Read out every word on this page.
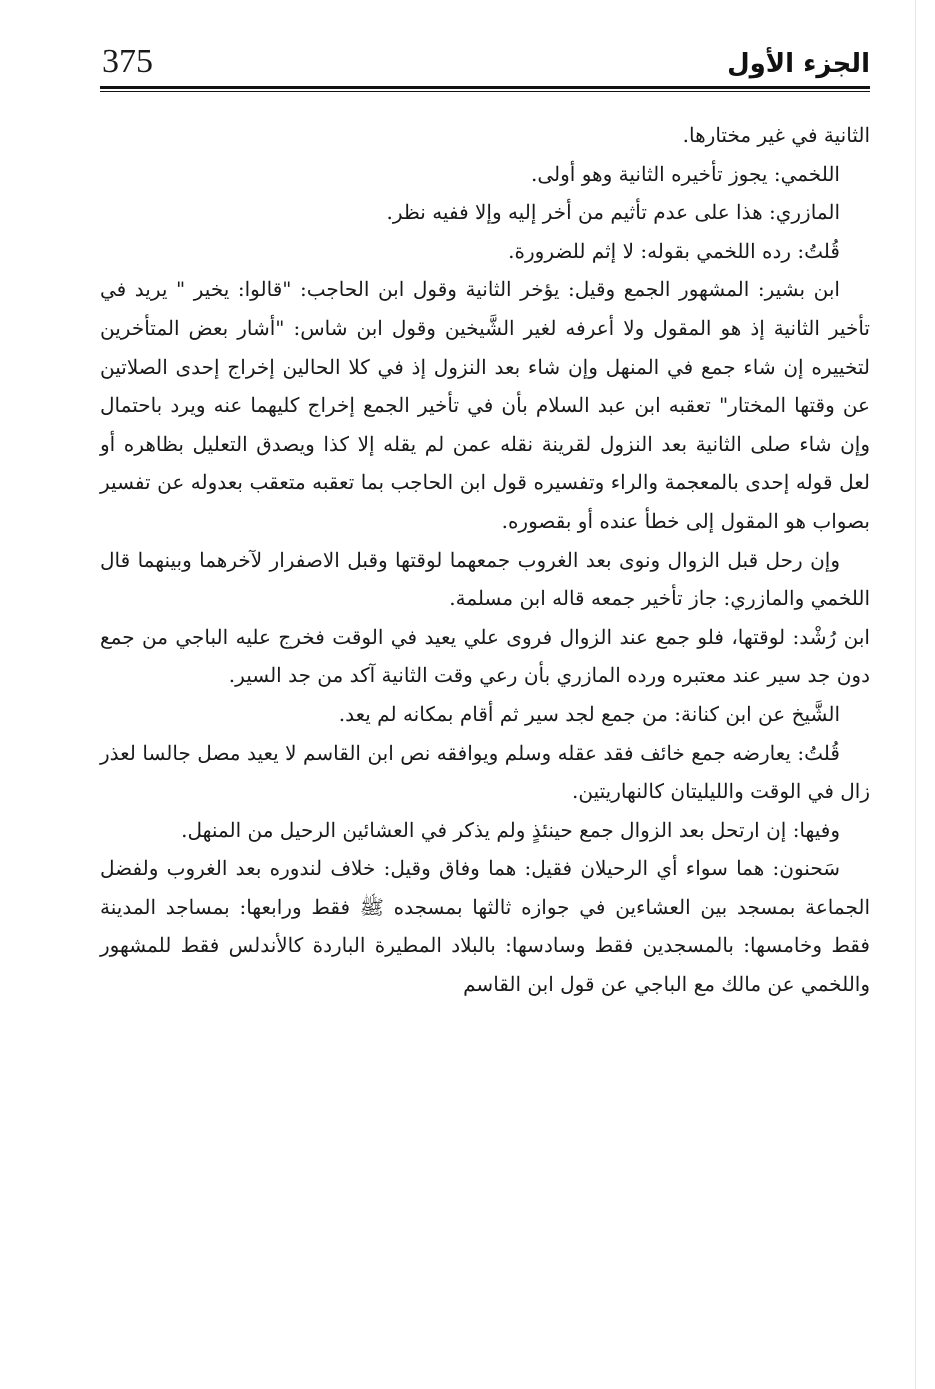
375	الجزء الأول

الثانية في غير مختارها.

اللخمي: يجوز تأخيره الثانية وهو أولى.

المازري: هذا على عدم تأثيم من أخر إليه وإلا ففيه نظر.

قُلتُ: رده اللخمي بقوله: لا إثم للضرورة.

ابن بشير: المشهور الجمع وقيل: يؤخر الثانية وقول ابن الحاجب: "قالوا: يخير " يريد في تأخير الثانية إذ هو المقول ولا أعرفه لغير الشَّيخين وقول ابن شاس: "أشار بعض المتأخرين لتخييره إن شاء جمع في المنهل وإن شاء بعد النزول إذ في كلا الحالين إخراج إحدى الصلاتين عن وقتها المختار" تعقبه ابن عبد السلام بأن في تأخير الجمع إخراج كليهما عنه ويرد باحتمال وإن شاء صلى الثانية بعد النزول لقرينة نقله عمن لم يقله إلا كذا ويصدق التعليل بظاهره أو لعل قوله إحدى بالمعجمة والراء وتفسيره قول ابن الحاجب بما تعقبه متعقب بعدوله عن تفسير بصواب هو المقول إلى خطأ عنده أو بقصوره.

وإن رحل قبل الزوال ونوى بعد الغروب جمعهما لوقتها وقبل الاصفرار لآخرهما وبينهما قال اللخمي والمازري: جاز تأخير جمعه قاله ابن مسلمة.

ابن رُشْد: لوقتها، فلو جمع عند الزوال فروى علي يعيد في الوقت فخرج عليه الباجي من جمع دون جد سير عند معتبره ورده المازري بأن رعي وقت الثانية آكد من جد السير.

الشَّيخ عن ابن كنانة: من جمع لجد سير ثم أقام بمكانه لم يعد.

قُلتُ: يعارضه جمع خائف فقد عقله وسلم ويوافقه نص ابن القاسم لا يعيد مصل جالسا لعذر زال في الوقت والليليتان كالنهاريتين.

وفيها: إن ارتحل بعد الزوال جمع حينئذٍ ولم يذكر في العشائين الرحيل من المنهل.

سَحنون: هما سواء أي الرحيلان فقيل: هما وفاق وقيل: خلاف لندوره بعد الغروب ولفضل الجماعة بمسجد بين العشاءين في جوازه ثالثها بمسجده ﷺ فقط ورابعها: بمساجد المدينة فقط وخامسها: بالمسجدين فقط وسادسها: بالبلاد المطيرة الباردة كالأندلس فقط للمشهور واللخمي عن مالك مع الباجي عن قول ابن القاسم
